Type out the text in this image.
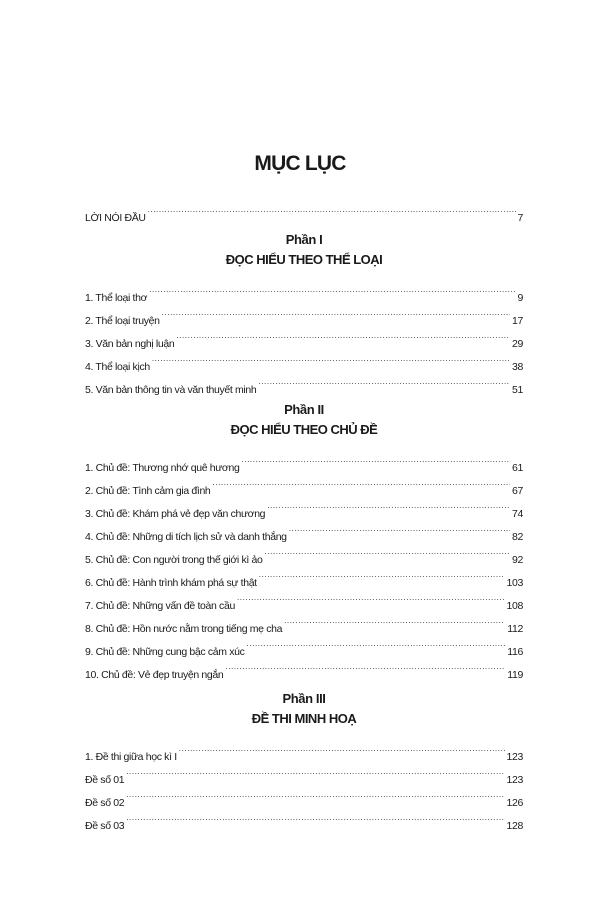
MỤC LỤC
LỜI NÓI ĐẦU .....	7
Phần I
ĐỌC HIỂU THEO THỂ LOẠI
1. Thể loại thơ .....	9
2. Thể loại truyện .....	17
3. Văn bản nghị luận .....	29
4. Thể loại kịch .....	38
5. Văn bản thông tin và văn thuyết minh .....	51
Phần II
ĐỌC HIỂU THEO CHỦ ĐỀ
1. Chủ đề: Thương nhớ quê hương .....	61
2. Chủ đề: Tình cảm gia đình .....	67
3. Chủ đề: Khám phá vẻ đẹp văn chương .....	74
4. Chủ đề: Những di tích lịch sử và danh thắng .....	82
5. Chủ đề: Con người trong thế giới kì ảo .....	92
6. Chủ đề: Hành trình khám phá sự thật .....	103
7. Chủ đề: Những vấn đề toàn cầu .....	108
8. Chủ đề: Hồn nước nằm trong tiếng mẹ cha .....	112
9. Chủ đề: Những cung bậc cảm xúc .....	116
10. Chủ đề: Vẻ đẹp truyện ngắn .....	119
Phần III
ĐỀ THI MINH HOẠ
1. Đề thi giữa học kì I .....	123
Đề số 01 .....	123
Đề số 02 .....	126
Đề số 03 .....	128
